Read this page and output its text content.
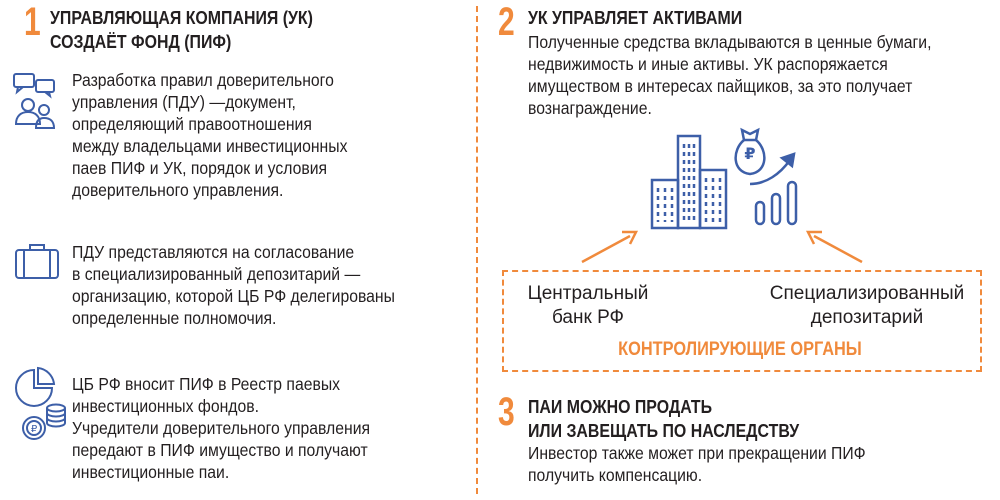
1 УПРАВЛЯЮЩАЯ КОМПАНИЯ (УК)
СОЗДАЁТ ФОНД (ПИФ)
Разработка правил доверительного
управления (ПДУ) —документ,
определяющий правоотношения
между владельцами инвестиционных
паев ПИФ и УК, порядок и условия
доверительного управления.
ПДУ представляются на согласование
в специализированный депозитарий —
организацию, которой ЦБ РФ делегированы
определенные полномочия.
₽
ЦБ РФ вносит ПИФ в Реестр паевых
инвестиционных фондов.
Учредители доверительного управления
передают в ПИФ имущество и получают
инвестиционные паи.
2 УК УПРАВЛЯЕТ АКТИВАМИ
Полученные средства вкладываются в ценные бумаги,
недвижимость и иные активы. УК распоряжается
имуществом в интересах пайщиков, за это получает
вознаграждение.
₽
Центральный
банк РФ
Специализированный
депозитарий
КОНТРОЛИРУЮЩИЕ ОРГАНЫ
3 ПАИ МОЖНО ПРОДАТЬ
ИЛИ ЗАВЕЩАТЬ ПО НАСЛЕДСТВУ
Инвестор также может при прекращении ПИФ
получить компенсацию.
